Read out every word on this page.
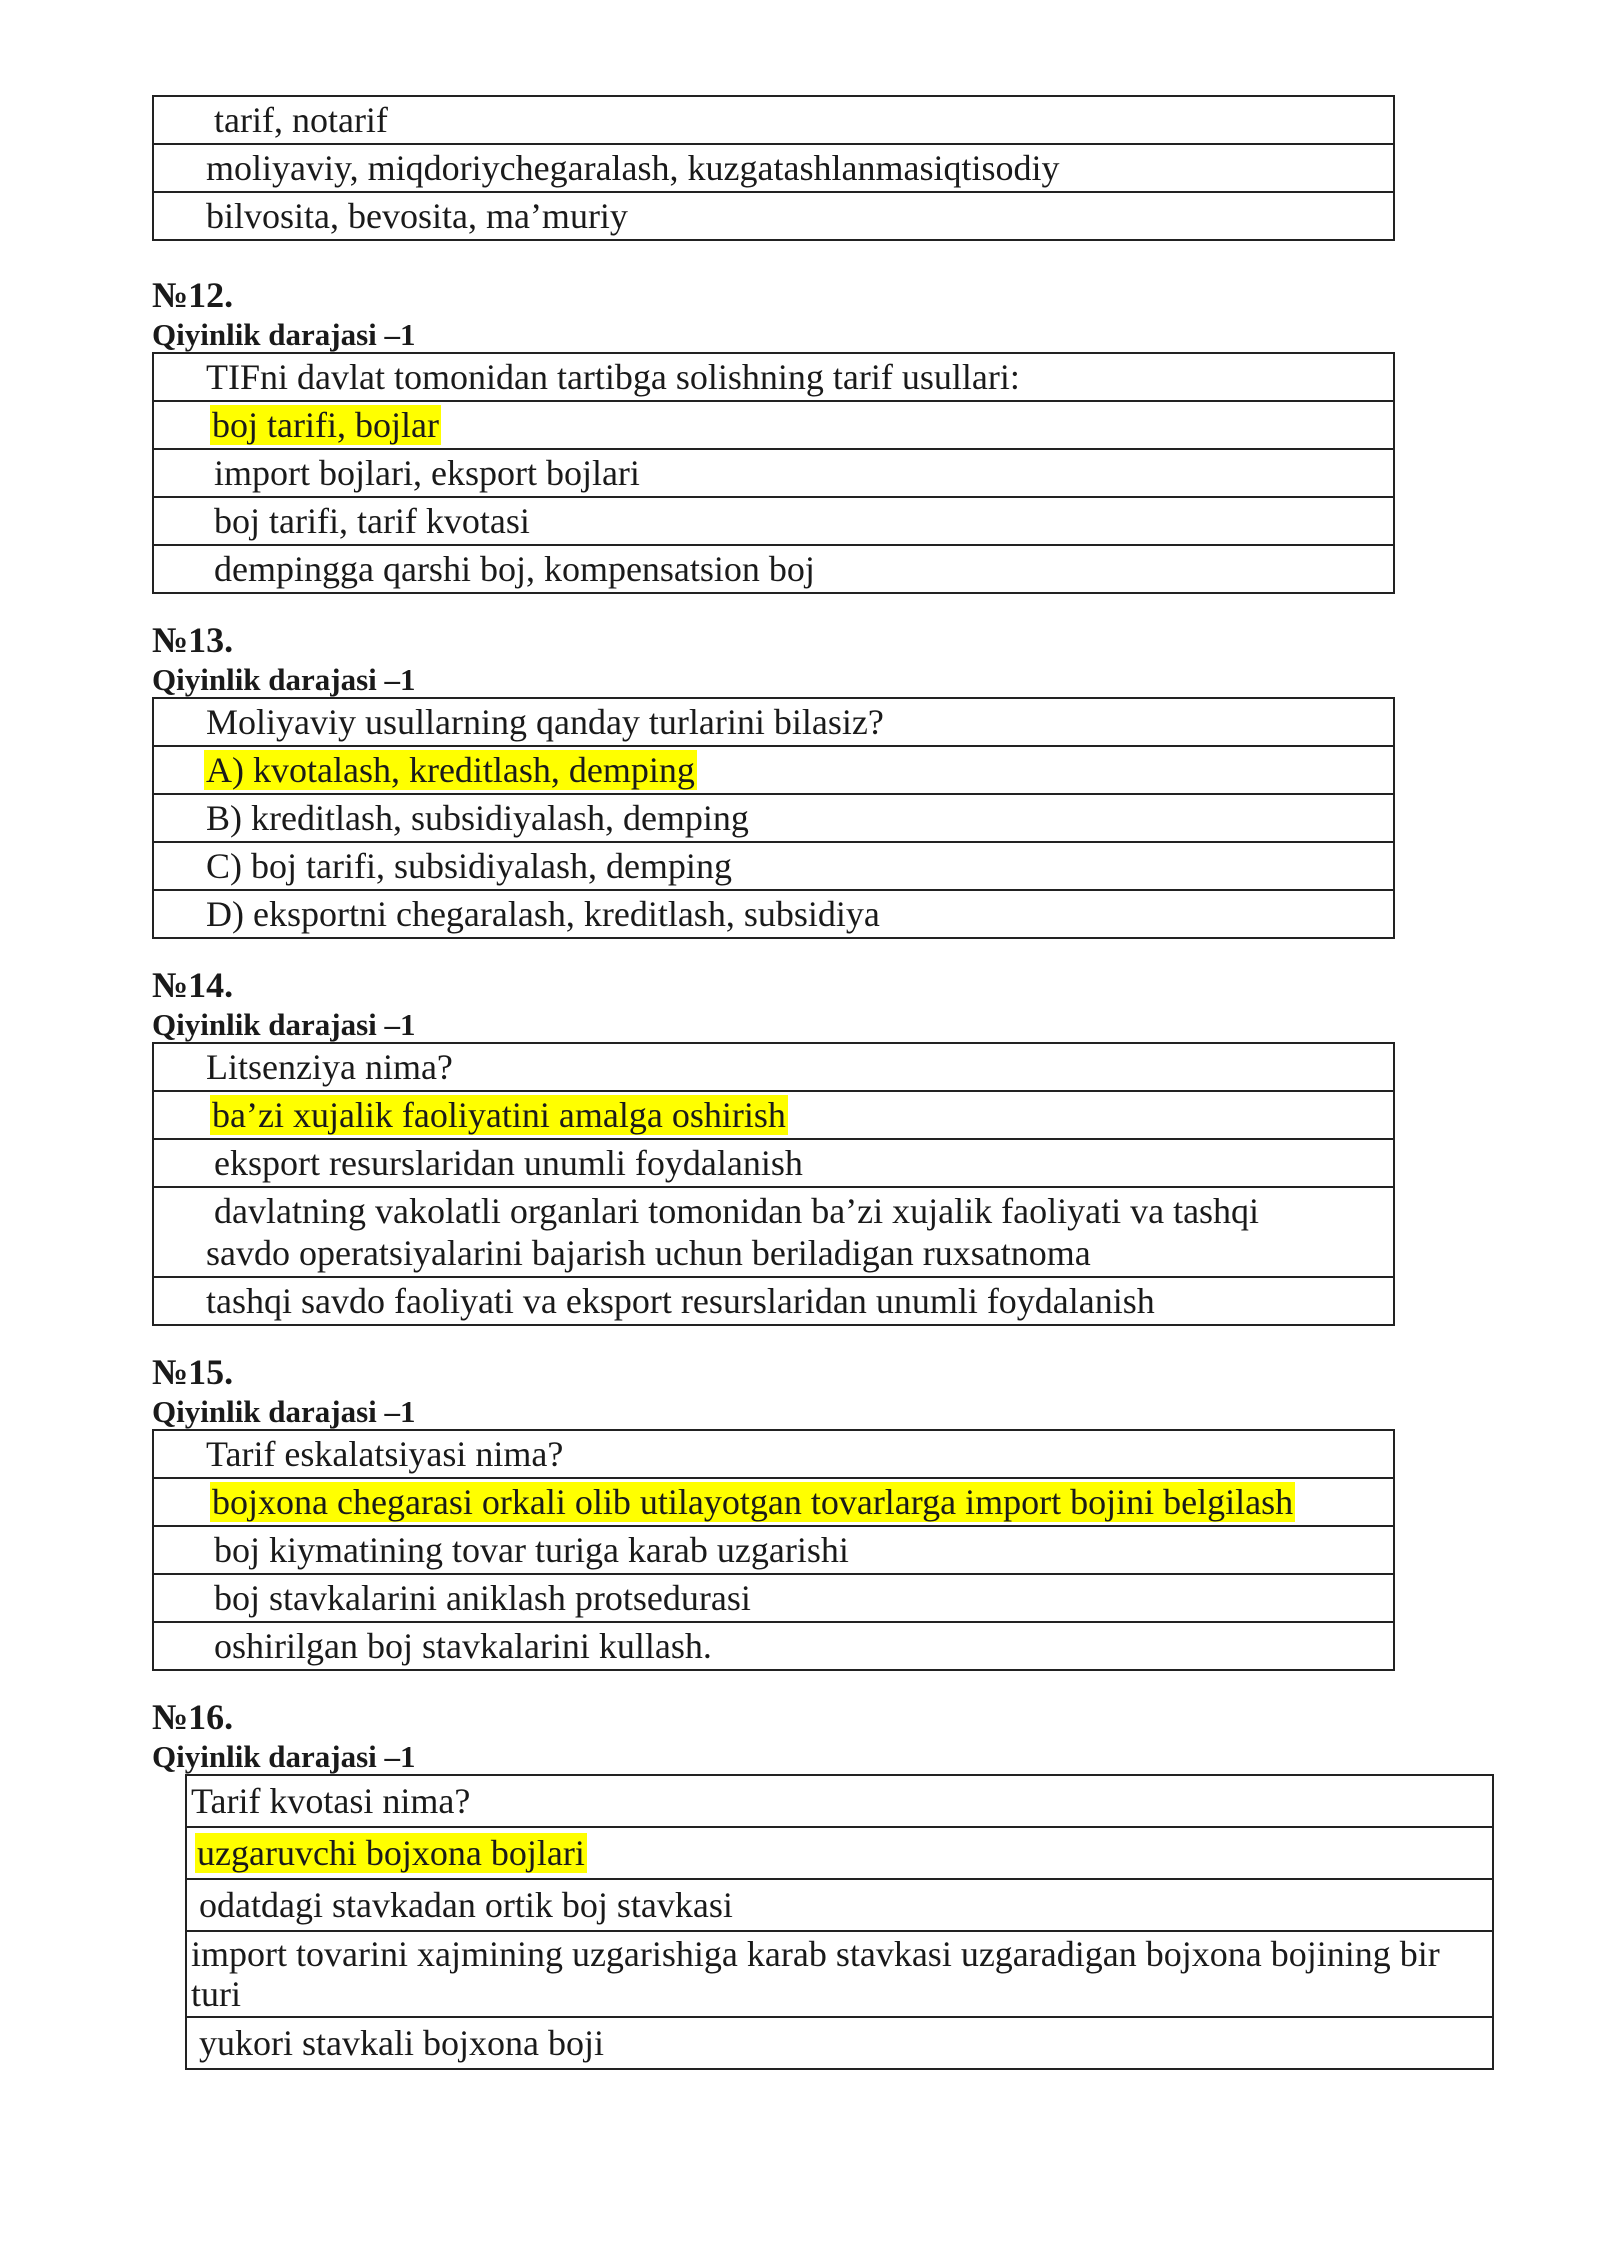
tarif, notarif
moliyaviy, miqdoriychegaralash, kuzgatashlanmasiqtisodiy
bilvosita, bevosita, ma’muriy
№12.
Qiyinlik darajasi –1
TIFni davlat tomonidan tartibga solishning tarif usullari:
boj tarifi, bojlar
import bojlari, eksport bojlari
boj tarifi, tarif kvotasi
dempingga qarshi boj, kompensatsion boj
№13.
Qiyinlik darajasi –1
Moliyaviy usullarning qanday turlarini bilasiz?
A) kvotalash, kreditlash, demping
B) kreditlash, subsidiyalash, demping
C) boj tarifi, subsidiyalash, demping
D) eksportni chegaralash, kreditlash, subsidiya
№14.
Qiyinlik darajasi –1
Litsenziya nima?
ba’zi xujalik faoliyatini amalga oshirish
eksport resurslaridan unumli foydalanish

davlatning vakolatli organlari tomonidan ba’zi xujalik faoliyati va tashqi
savdo operatsiyalarini bajarish uchun beriladigan ruxsatnoma

tashqi savdo faoliyati va eksport resurslaridan unumli foydalanish
№15.
Qiyinlik darajasi –1
Tarif eskalatsiyasi nima?
bojxona chegarasi orkali olib utilayotgan tovarlarga import bojini belgilash
boj kiymatining tovar turiga karab uzgarishi
boj stavkalarini aniklash protsedurasi
oshirilgan boj stavkalarini kullash.
№16.
Qiyinlik darajasi –1
Tarif kvotasi nima?
uzgaruvchi bojxona bojlari
odatdagi stavkadan ortik boj stavkasi

import tovarini xajmining uzgarishiga karab stavkasi uzgaradigan bojxona bojining bir
turi

yukori stavkali bojxona boji
